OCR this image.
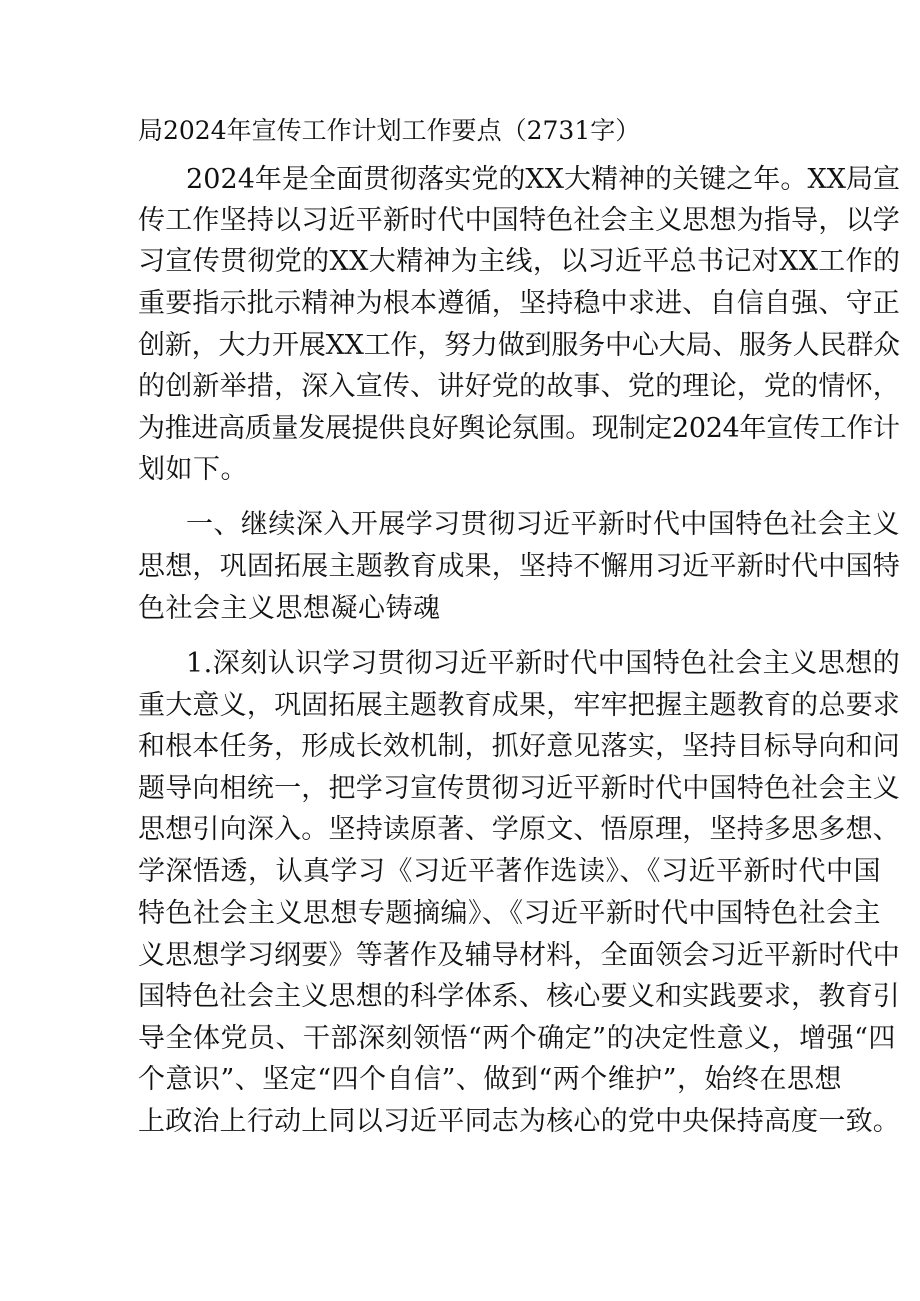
局2024年宣传工作计划工作要点（2731字）
2024年是全面贯彻落实党的XX大精神的关键之年。XX局宣
传工作坚持以习近平新时代中国特色社会主义思想为指导，以学
习宣传贯彻党的XX大精神为主线，以习近平总书记对XX工作的
重要指示批示精神为根本遵循，坚持稳中求进、自信自强、守正
创新，大力开展XX工作，努力做到服务中心大局、服务人民群众
的创新举措，深入宣传、讲好党的故事、党的理论，党的情怀，
为推进高质量发展提供良好舆论氛围。现制定2024年宣传工作计
划如下。
一、继续深入开展学习贯彻习近平新时代中国特色社会主义
思想，巩固拓展主题教育成果，坚持不懈用习近平新时代中国特
色社会主义思想凝心铸魂
1.深刻认识学习贯彻习近平新时代中国特色社会主义思想的
重大意义，巩固拓展主题教育成果，牢牢把握主题教育的总要求
和根本任务，形成长效机制，抓好意见落实，坚持目标导向和问
题导向相统一，把学习宣传贯彻习近平新时代中国特色社会主义
思想引向深入。坚持读原著、学原文、悟原理，坚持多思多想、
学深悟透，认真学习《习近平著作选读》、《习近平新时代中国
特色社会主义思想专题摘编》、《习近平新时代中国特色社会主
义思想学习纲要》等著作及辅导材料，全面领会习近平新时代中
国特色社会主义思想的科学体系、核心要义和实践要求，教育引
导全体党员、干部深刻领悟“两个确定”的决定性意义，增强“四
个意识”、坚定“四个自信”、做到“两个维护”，始终在思想
上政治上行动上同以习近平同志为核心的党中央保持高度一致。
